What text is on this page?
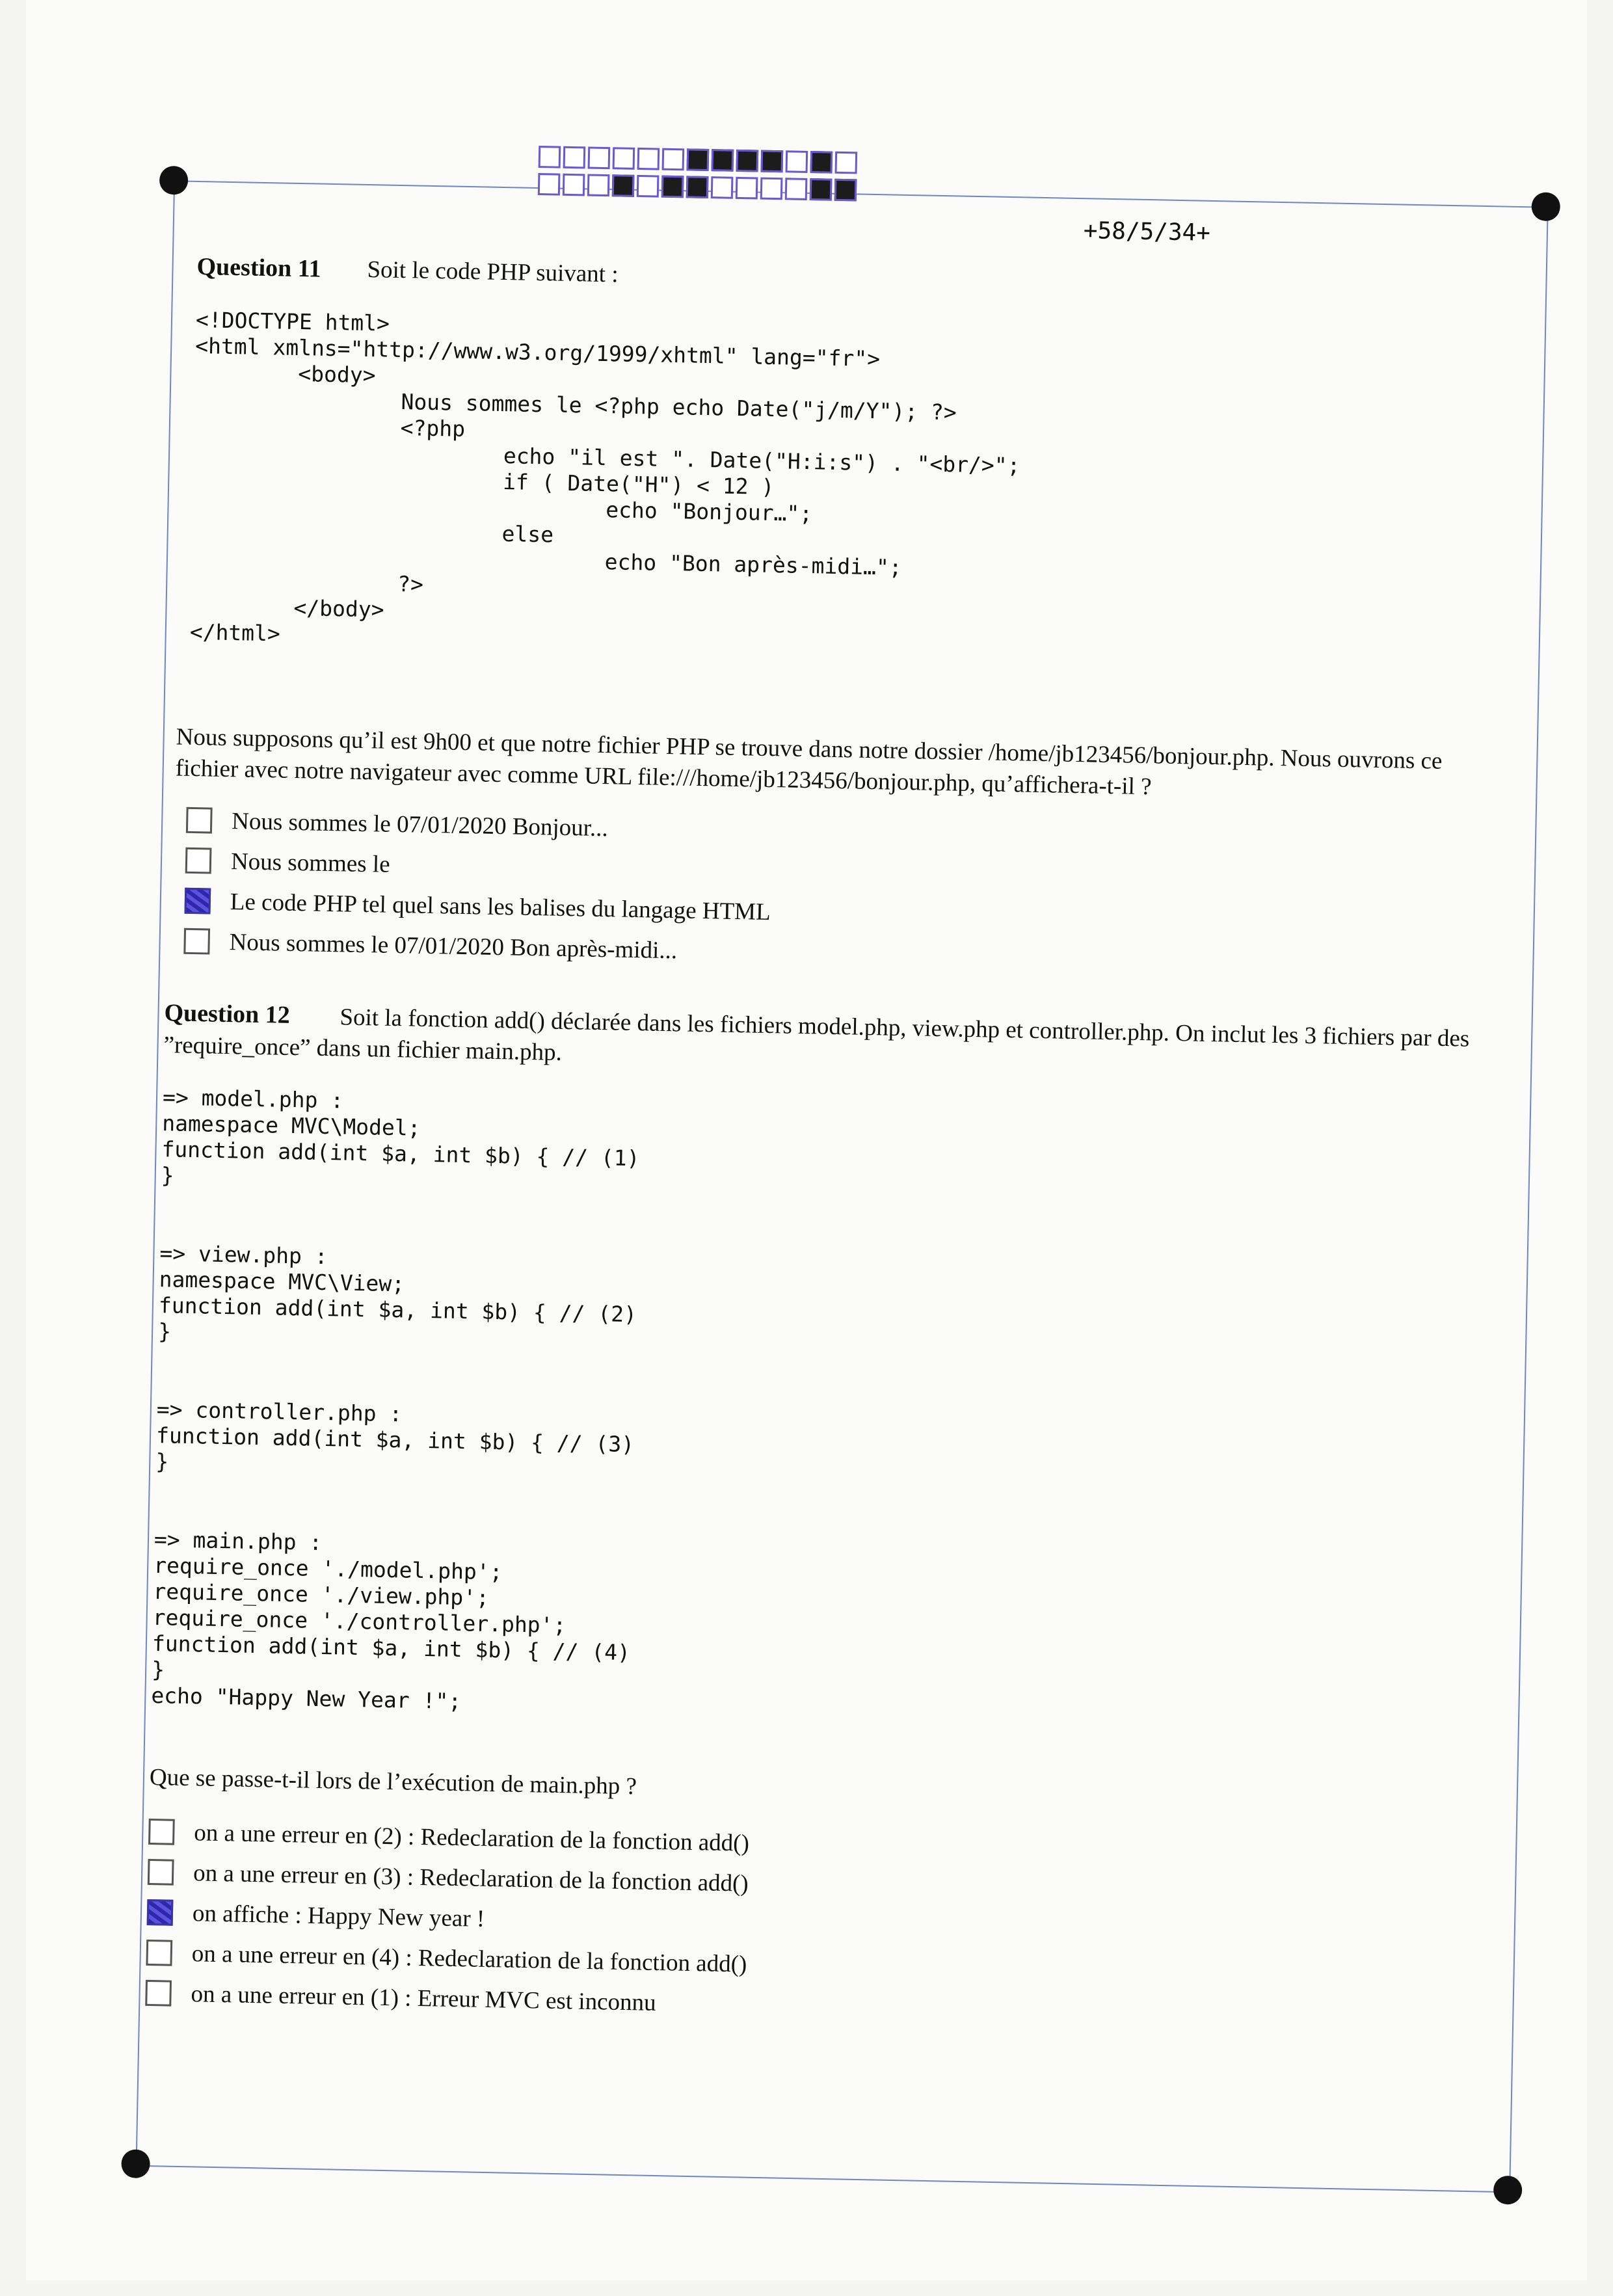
+58/5/34+
Question 11 Soit le code PHP suivant :
<!DOCTYPE html>
<html xmlns="http://www.w3.org/1999/xhtml" lang="fr">
<body>
Nous sommes le <?php echo Date("j/m/Y"); ?>
<?php
echo "il est ". Date("H:i:s") . "<br/>";
if ( Date("H") < 12 )
echo "Bonjour…";
else
echo "Bon après-midi…";
?>
</body>
</html>
Nous supposons qu’il est 9h00 et que notre fichier PHP se trouve dans notre dossier /home/jb123456/bonjour.php. Nous ouvrons ce fichier avec notre navigateur avec comme URL file:///home/jb123456/bonjour.php, qu’affichera-t-il ?
Nous sommes le 07/01/2020 Bonjour...
Nous sommes le
Le code PHP tel quel sans les balises du langage HTML
Nous sommes le 07/01/2020 Bon après-midi...
Question 12	Soit la fonction add() déclarée dans les fichiers model.php, view.php et controller.php. On inclut les 3 fichiers par des ”require_once” dans un fichier main.php.
=> model.php :
namespace MVC\Model;
function add(int $a, int $b) { // (1)
}
=> view.php :
namespace MVC\View;
function add(int $a, int $b) { // (2)
}
=> controller.php :
function add(int $a, int $b) { // (3)
}
=> main.php :
require_once './model.php';
require_once './view.php';
require_once './controller.php';
function add(int $a, int $b) { // (4)
}
echo "Happy New Year !";
Que se passe-t-il lors de l’exécution de main.php ?
on a une erreur en (2) : Redeclaration de la fonction add()
on a une erreur en (3) : Redeclaration de la fonction add()
on affiche : Happy New year !
on a une erreur en (4) : Redeclaration de la fonction add()
on a une erreur en (1) : Erreur MVC est inconnu
